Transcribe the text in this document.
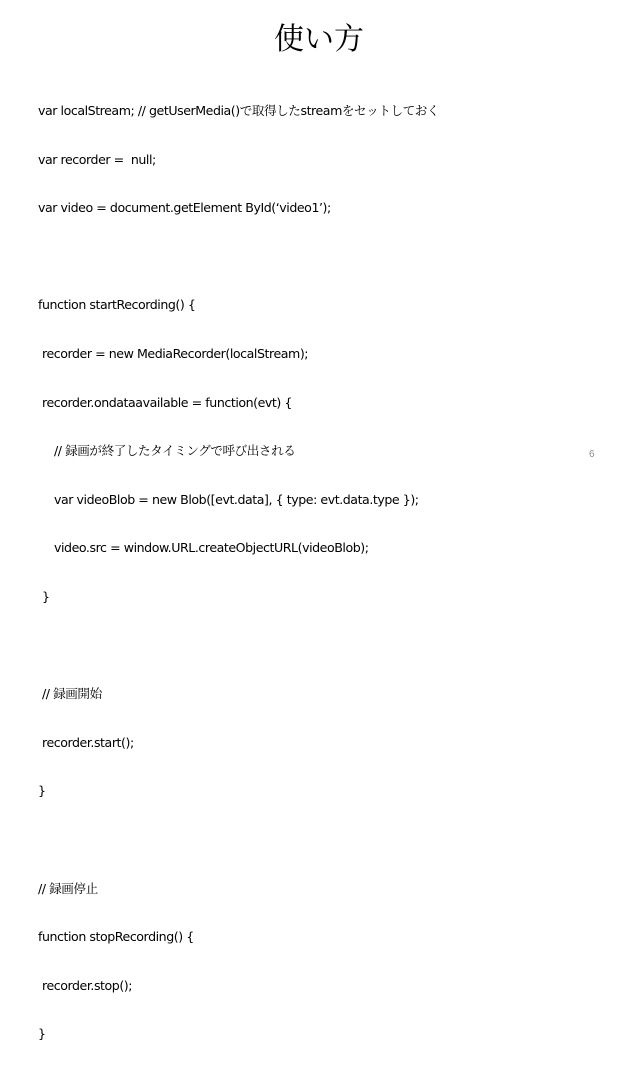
使い方

var localStream; // getUserMedia()で取得したstreamをセットしておく

var recorder =  null;

var video = document.getElement ById(‘video1’);

function startRecording() {

recorder = new MediaRecorder(localStream);

recorder.ondataavailable = function(evt) {

// 録画が終了したタイミングで呼び出される

var videoBlob = new Blob([evt.data], { type: evt.data.type });

video.src = window.URL.createObjectURL(videoBlob);

}

// 録画開始

recorder.start();

}

// 録画停止

function stopRecording() {

recorder.stop();

}

6
